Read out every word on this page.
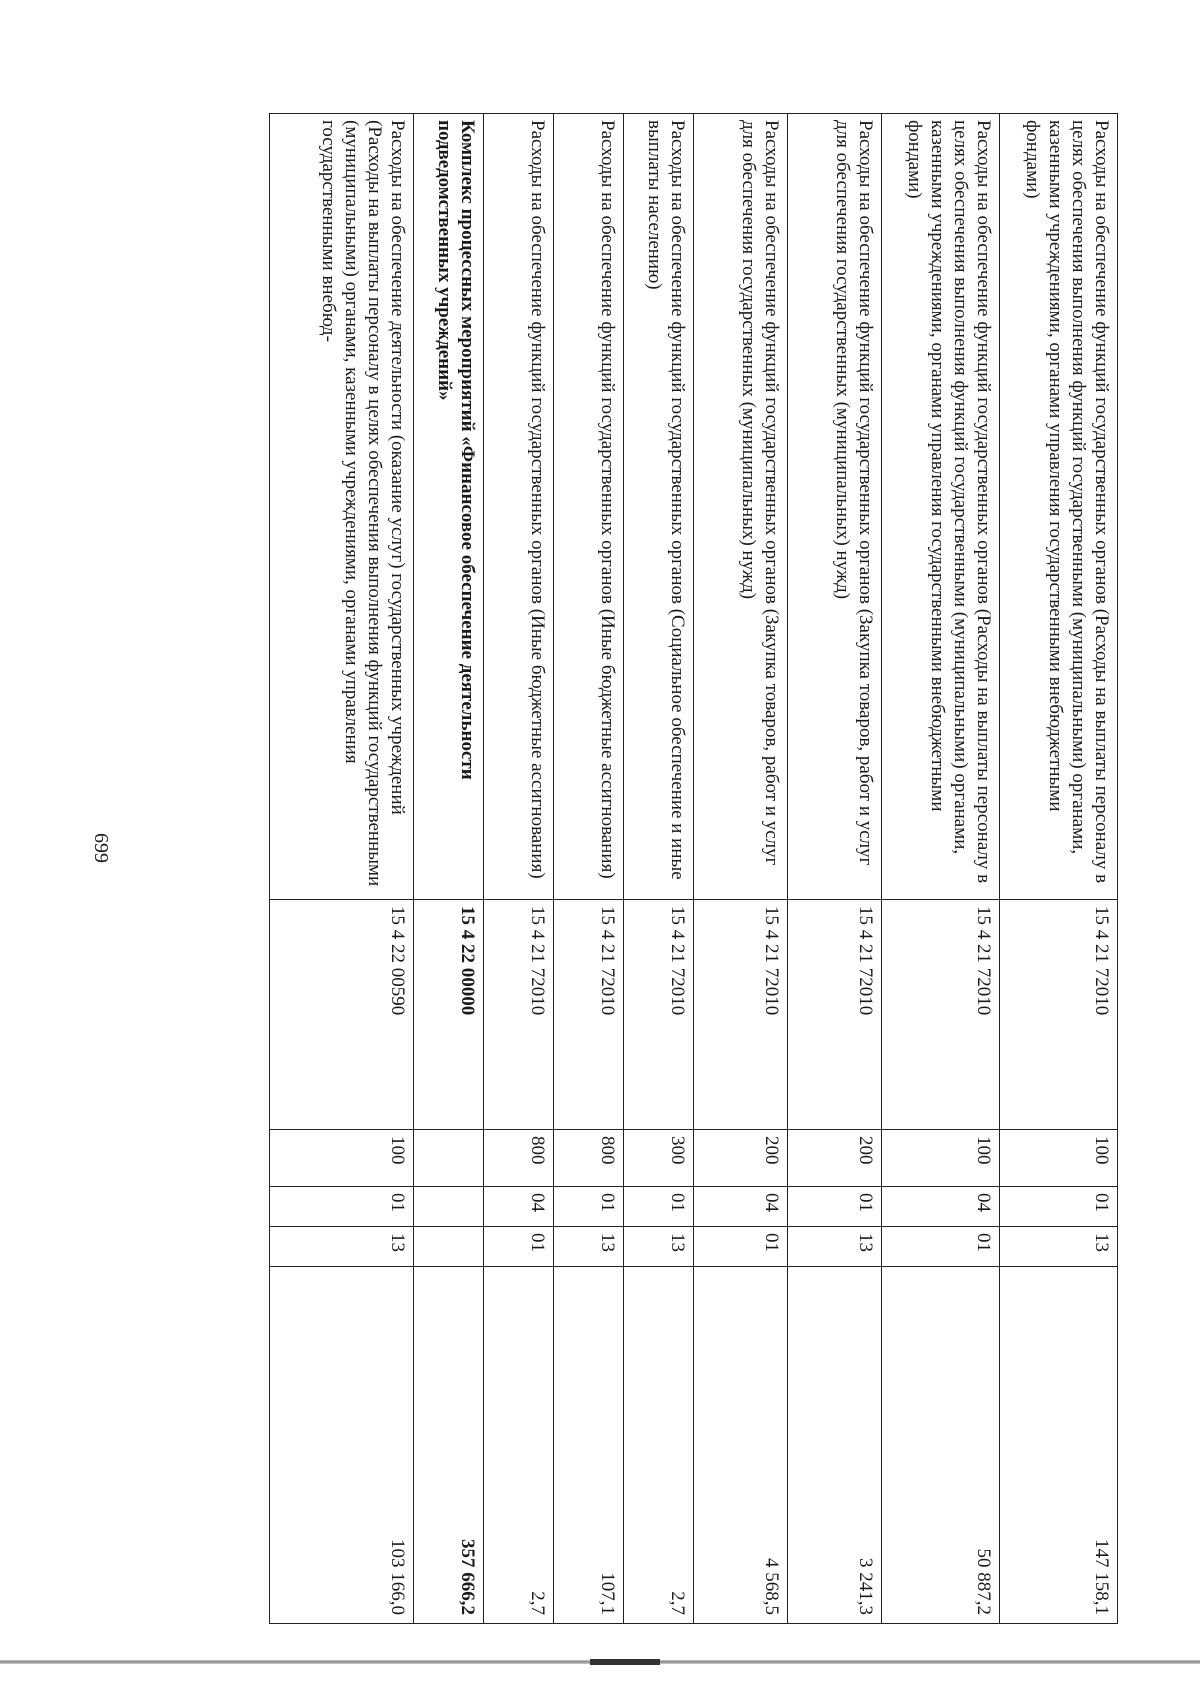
699	Расходы на обеспечение функций государственных органов (Расходы на выплаты персоналу в целях обеспечения выполнения функций государственными (муниципальными) органами, казенными учреждениями, органами управления государственными внебюджетными фондами)	15 4 21 72010	100	01	13	147 158,1
Расходы на обеспечение функций государственных органов (Расходы на выплаты персоналу в целях обеспечения выполнения функций государственными (муниципальными) органами, казенными учреждениями, органами управления государственными внебюджетными фондами)	15 4 21 72010	100	04	01	50 887,2
Расходы на обеспечение функций государственных органов (Закупка товаров, работ и услуг для обеспечения государственных (муниципальных) нужд)	15 4 21 72010	200	01	13	3 241,3
Расходы на обеспечение функций государственных органов (Закупка товаров, работ и услуг для обеспечения государственных (муниципальных) нужд)	15 4 21 72010	200	04	01	4 568,5
Расходы на обеспечение функций государственных органов (Социальное обеспечение и иные выплаты населению)	15 4 21 72010	300	01	13	2,7
Расходы на обеспечение функций государственных органов (Иные бюджетные ассигнования)	15 4 21 72010	800	01	13	107,1
Расходы на обеспечение функций государственных органов (Иные бюджетные ассигнования)	15 4 21 72010	800	04	01	2,7
Комплекс процессных мероприятий «Финансовое обеспечение деятельности подведомственных учреждений»	15 4 22 00000				357 666,2
Расходы на обеспечение деятельности (оказание услуг) государственных учреждений (Расходы на выплаты персоналу в целях обеспечения выполнения функций государственными (муниципальными) органами, казенными учреждениями, органами управления государственными внебюд-	15 4 22 00590	100	01	13	103 166,0
